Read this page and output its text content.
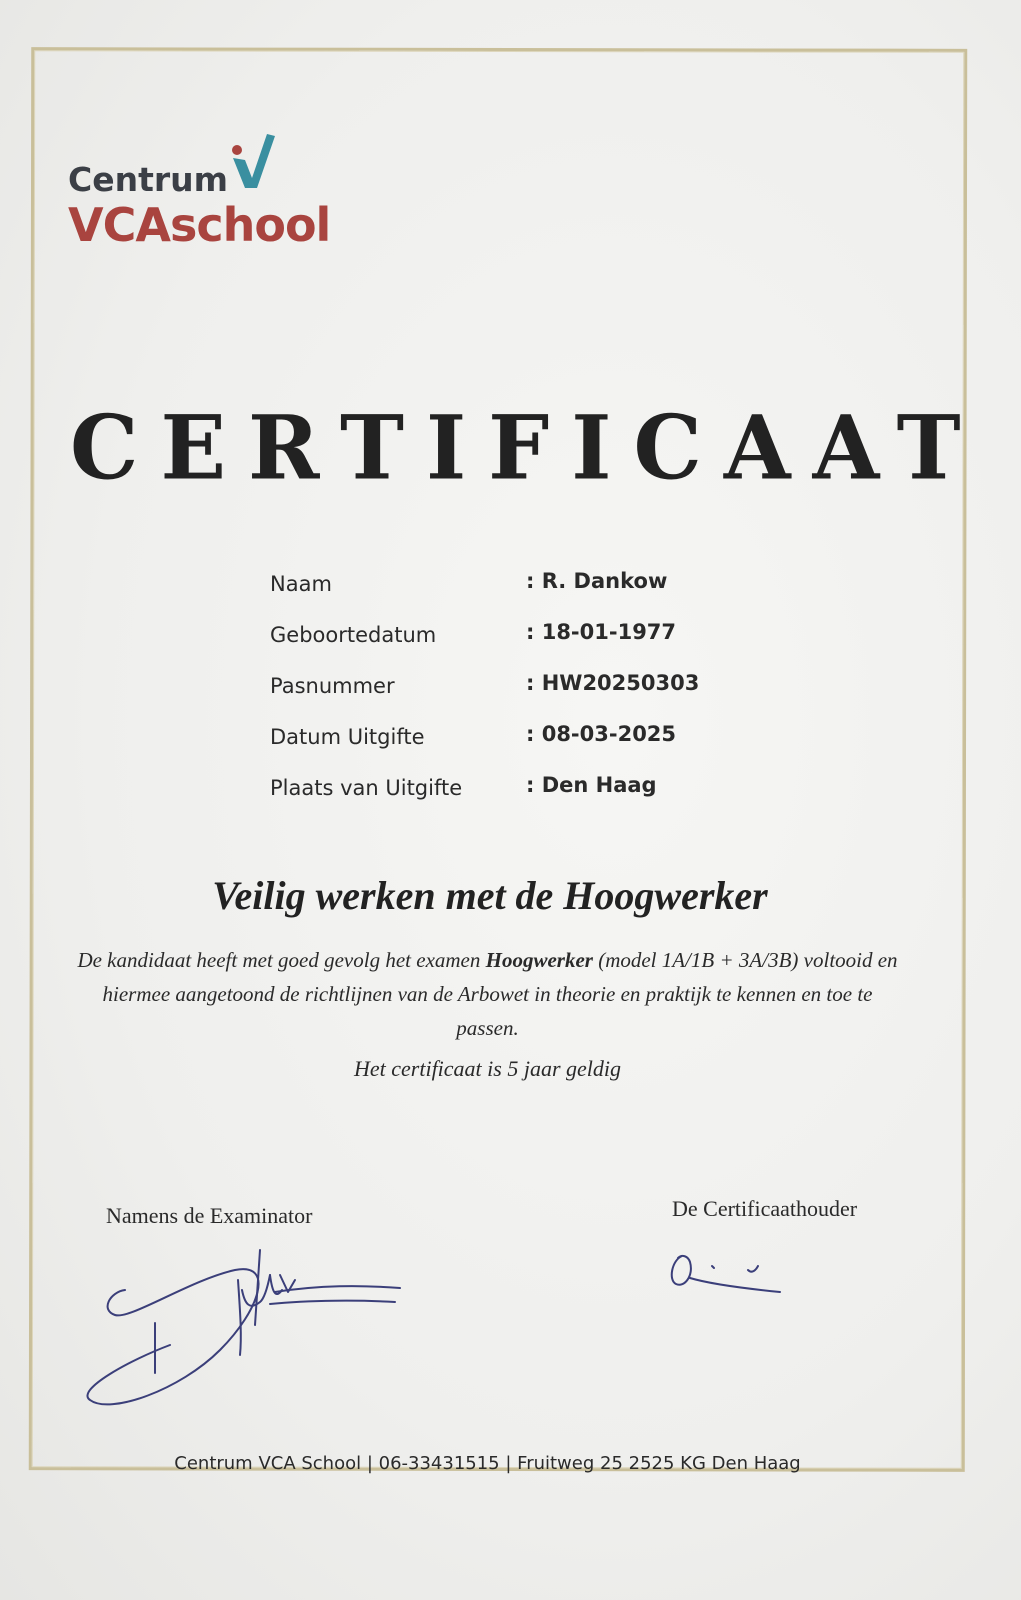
Centrum
VCAschool
CERTIFICAAT
Naam	: R. Dankow
Geboortedatum	: 18-01-1977
Pasnummer	: HW20250303
Datum Uitgifte	: 08-03-2025
Plaats van Uitgifte	: Den Haag
Veilig werken met de Hoogwerker
De kandidaat heeft met goed gevolg het examen Hoogwerker (model 1A/1B + 3A/3B) voltooid en hiermee aangetoond de richtlijnen van de Arbowet in theorie en praktijk te kennen en toe te passen.
Het certificaat is 5 jaar geldig
Namens de Examinator	De Certificaathouder
Centrum VCA School | 06-33431515 | Fruitweg 25 2525 KG Den Haag
